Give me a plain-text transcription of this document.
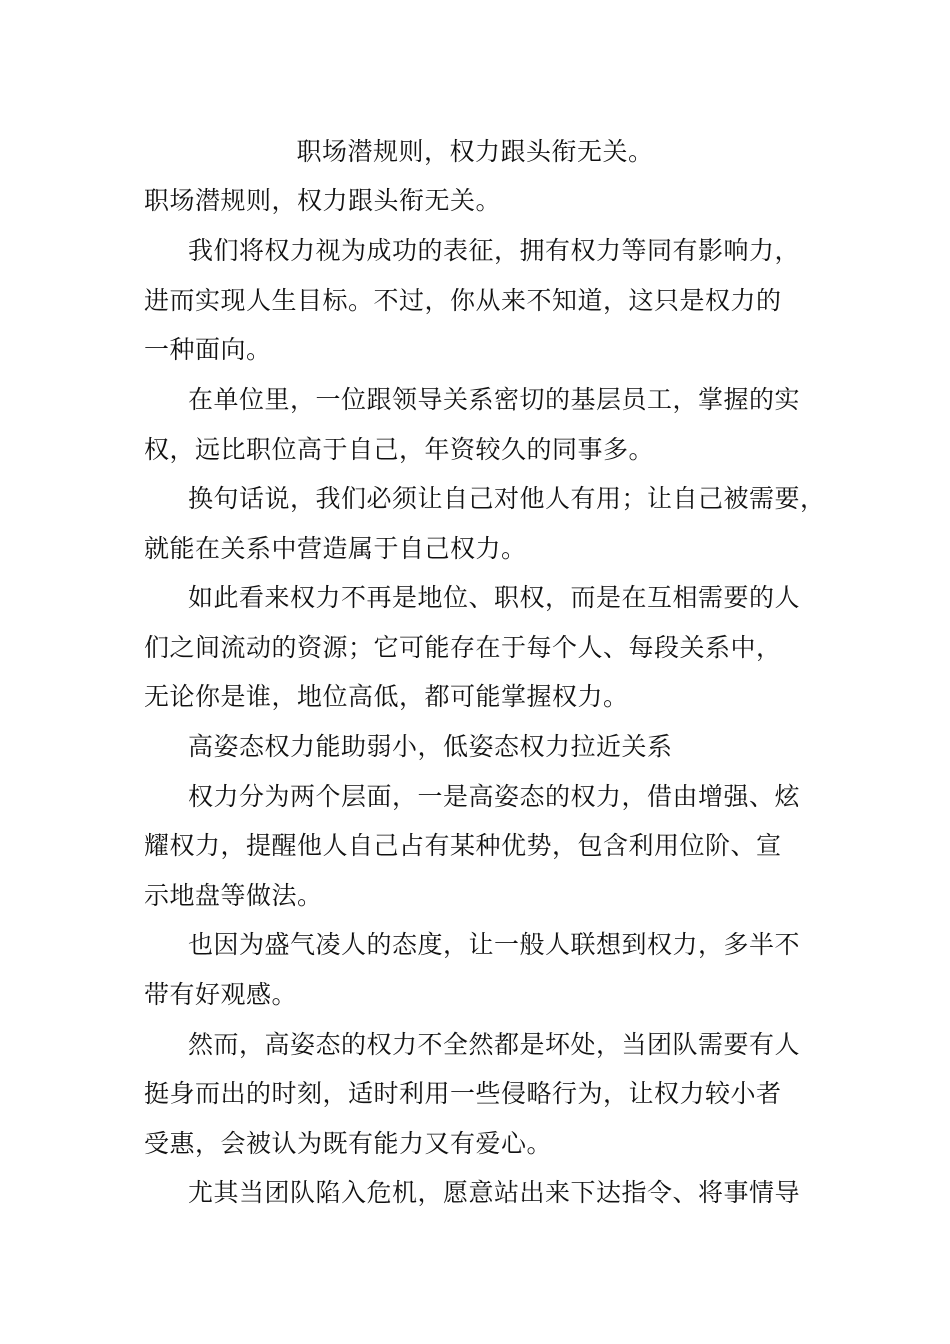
职场潜规则，权力跟头衔无关。
职场潜规则，权力跟头衔无关。
我们将权力视为成功的表征，拥有权力等同有影响力，
进而实现人生目标。不过，你从来不知道，这只是权力的
一种面向。
在单位里，一位跟领导关系密切的基层员工，掌握的实
权，远比职位高于自己，年资较久的同事多。
换句话说，我们必须让自己对他人有用；让自己被需要，
就能在关系中营造属于自己权力。
如此看来权力不再是地位、职权，而是在互相需要的人
们之间流动的资源；它可能存在于每个人、每段关系中，
无论你是谁，地位高低，都可能掌握权力。
高姿态权力能助弱小，低姿态权力拉近关系
权力分为两个层面，一是高姿态的权力，借由增强、炫
耀权力，提醒他人自己占有某种优势，包含利用位阶、宣
示地盘等做法。
也因为盛气凌人的态度，让一般人联想到权力，多半不
带有好观感。
然而，高姿态的权力不全然都是坏处，当团队需要有人
挺身而出的时刻，适时利用一些侵略行为，让权力较小者
受惠，会被认为既有能力又有爱心。
尤其当团队陷入危机，愿意站出来下达指令、将事情导
